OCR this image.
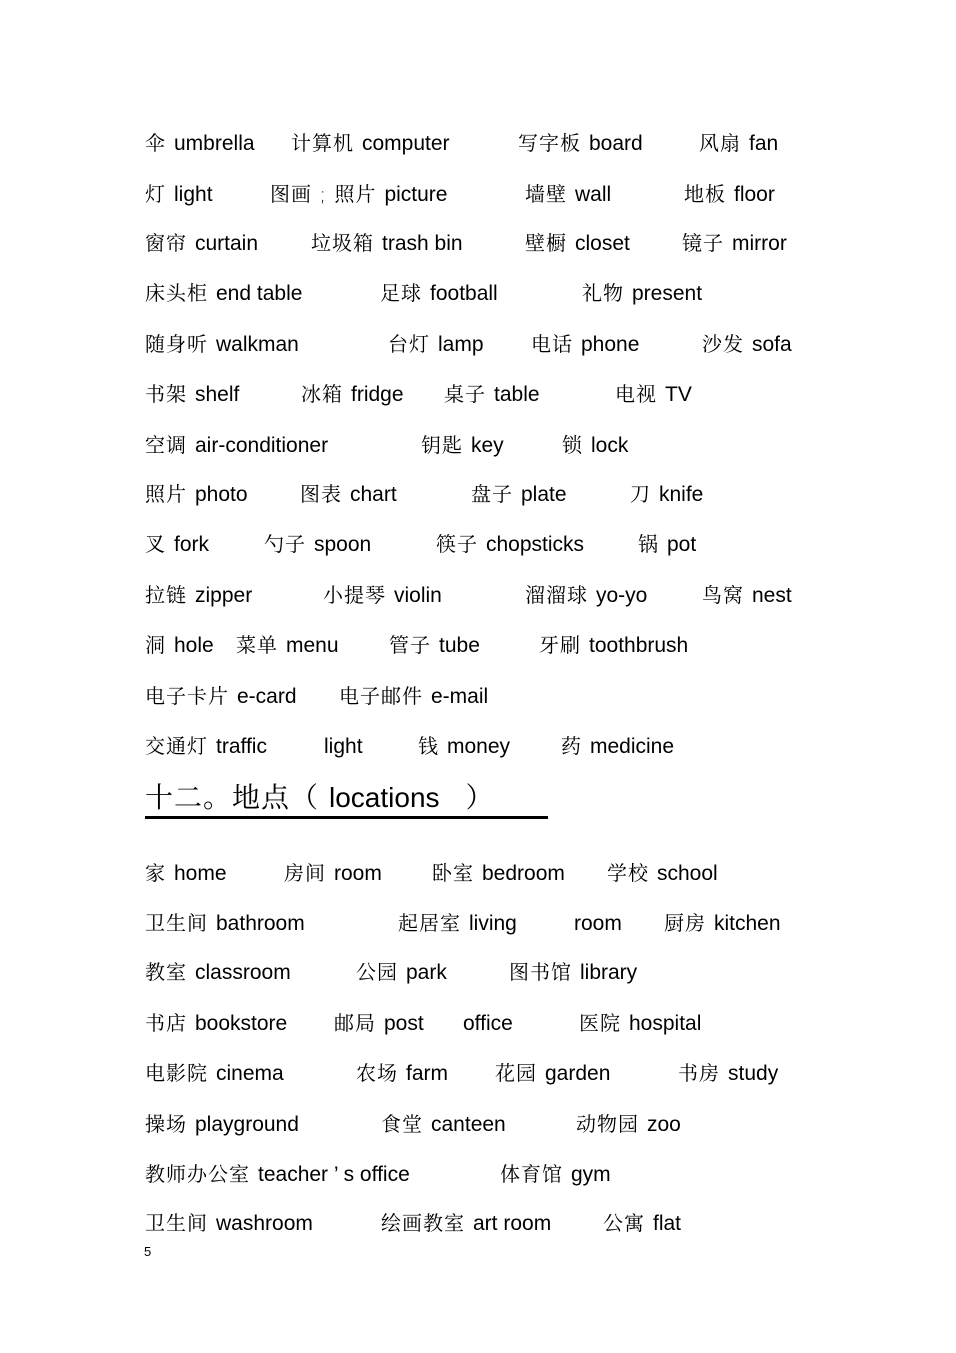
伞 umbrella 计算机 computer	写字板 board	风扇 fan
灯 light	图画 ; 照片 picture	墙壁 wall	地板 floor
窗帘 curtain	垃圾箱 trash bin	壁橱 closet	镜子 mirror
床头柜 end table	足球 football	礼物 present
随身听 walkman	台灯 lamp 电话 phone	沙发 sofa
书架 shelf	冰箱 fridge 桌子 table	电视 TV
空调 air-conditioner	钥匙 key	锁 lock
照片 photo	图表 chart	盘子 plate	刀 knife
叉 fork	勺子 spoon	筷子 chopsticks	锅 pot
拉链 zipper	小提琴 violin	溜溜球 yo-yo	鸟窝 nest
洞 hole 菜单 menu	管子 tube	牙刷 toothbrush
电子卡片 e-card 电子邮件 e-mail
交通灯 traffic	light	钱 money	药 medicine
十二。地点（ locations ）
家 home	房间 room	卧室 bedroom 学校 school
卫生间 bathroom	起居室 living	room 厨房 kitchen
教室 classroom	公园 park	图书馆 library
书店 bookstore 邮局 post office	医院 hospital
电影院 cinema	农场 farm 花园 garden	书房 study
操场 playground	食堂 canteen	动物园 zoo
教师办公室 teacher ’ s office	体育馆 gym
卫生间 washroom	绘画教室 art room	公寓 flat
5
